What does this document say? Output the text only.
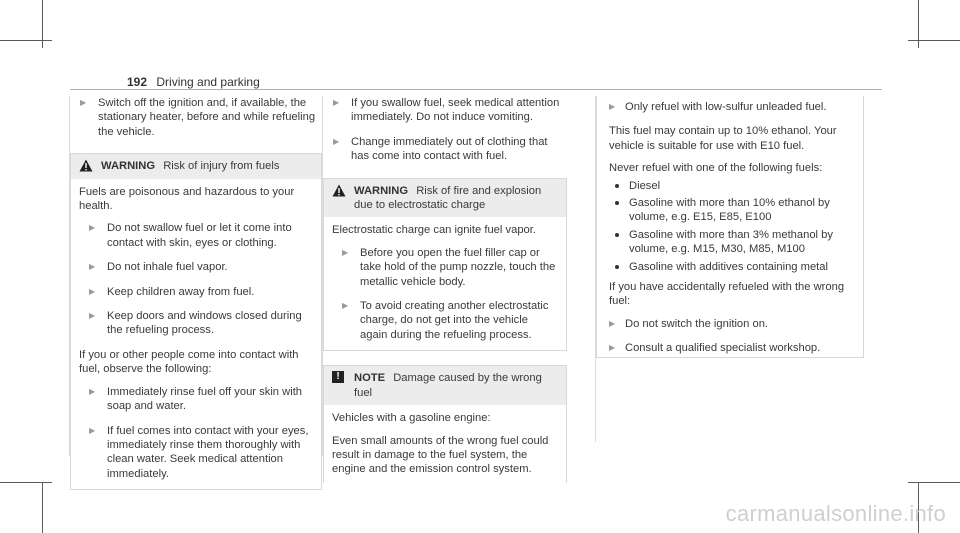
192 Driving and parking
▶ Switch off the ignition and, if available, the stationary heater, before and while refueling the vehicle.
WARNING Risk of injury from fuels

Fuels are poisonous and hazardous to your health.

▶ Do not swallow fuel or let it come into contact with skin, eyes or clothing.
▶ Do not inhale fuel vapor.
▶ Keep children away from fuel.
▶ Keep doors and windows closed during the refueling process.

If you or other people come into contact with fuel, observe the following:

▶ Immediately rinse fuel off your skin with soap and water.
▶ If fuel comes into contact with your eyes, immediately rinse them thoroughly with clean water. Seek medical attention immediately.
▶ If you swallow fuel, seek medical attention immediately. Do not induce vomiting.
▶ Change immediately out of clothing that has come into contact with fuel.
WARNING Risk of fire and explosion due to electrostatic charge

Electrostatic charge can ignite fuel vapor.

▶ Before you open the fuel filler cap or take hold of the pump nozzle, touch the metallic vehicle body.
▶ To avoid creating another electrostatic charge, do not get into the vehicle again during the refueling process.
!	NOTE Damage caused by the wrong fuel

Vehicles with a gasoline engine:

Even small amounts of the wrong fuel could result in damage to the fuel system, the engine and the emission control system.

▶ Only refuel with low-sulfur unleaded fuel.

This fuel may contain up to 10% ethanol. Your vehicle is suitable for use with E10 fuel.

Never refuel with one of the following fuels:

Diesel
Gasoline with more than 10% ethanol by volume, e.g. E15, E85, E100
Gasoline with more than 3% methanol by volume, e.g. M15, M30, M85, M100
Gasoline with additives containing metal

If you have accidentally refueled with the wrong fuel:

▶ Do not switch the ignition on.
▶ Consult a qualified specialist workshop.
carmanualsonline.info
